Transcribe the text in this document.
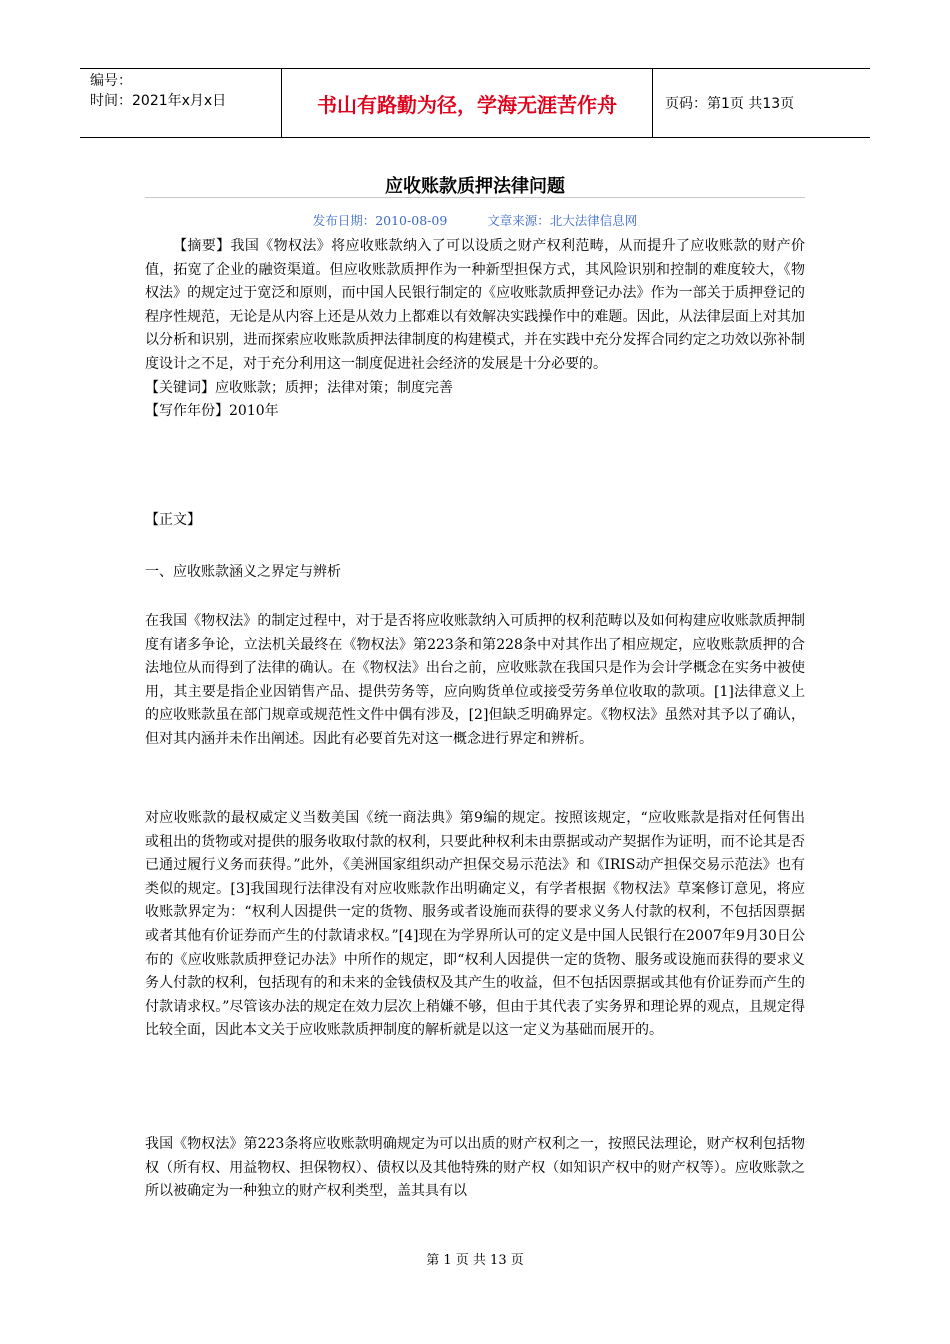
编号：
时间：2021年x月x日	书山有路勤为径，学海无涯苦作舟	页码：第1页 共13页
应收账款质押法律问题
发布日期：2010-08-09	文章来源：北大法律信息网

【摘要】我国《物权法》将应收账款纳入了可以设质之财产权利范畴，从而提升了应收账款的财产价值，拓宽了企业的融资渠道。但应收账款质押作为一种新型担保方式，其风险识别和控制的难度较大，《物权法》的规定过于宽泛和原则，而中国人民银行制定的《应收账款质押登记办法》作为一部关于质押登记的程序性规范，无论是从内容上还是从效力上都难以有效解决实践操作中的难题。因此，从法律层面上对其加以分析和识别，进而探索应收账款质押法律制度的构建模式，并在实践中充分发挥合同约定之功效以弥补制度设计之不足，对于充分利用这一制度促进社会经济的发展是十分必要的。

【关键词】应收账款；质押；法律对策；制度完善

【写作年份】2010年

【正文】
一、应收账款涵义之界定与辨析
在我国《物权法》的制定过程中，对于是否将应收账款纳入可质押的权利范畴以及如何构建应收账款质押制度有诸多争论，立法机关最终在《物权法》第223条和第228条中对其作出了相应规定，应收账款质押的合法地位从而得到了法律的确认。在《物权法》出台之前，应收账款在我国只是作为会计学概念在实务中被使用，其主要是指企业因销售产品、提供劳务等，应向购货单位或接受劳务单位收取的款项。[1]法律意义上的应收账款虽在部门规章或规范性文件中偶有涉及，[2]但缺乏明确界定。《物权法》虽然对其予以了确认，但对其内涵并未作出阐述。因此有必要首先对这一概念进行界定和辨析。
对应收账款的最权威定义当数美国《统一商法典》第9编的规定。按照该规定，“应收账款是指对任何售出或租出的货物或对提供的服务收取付款的权利，只要此种权利未由票据或动产契据作为证明，而不论其是否已通过履行义务而获得。”此外，《美洲国家组织动产担保交易示范法》和《IRIS动产担保交易示范法》也有类似的规定。[3]我国现行法律没有对应收账款作出明确定义，有学者根据《物权法》草案修订意见，将应收账款界定为：“权利人因提供一定的货物、服务或者设施而获得的要求义务人付款的权利，不包括因票据或者其他有价证券而产生的付款请求权。”[4]现在为学界所认可的定义是中国人民银行在2007年9月30日公布的《应收账款质押登记办法》中所作的规定，即“权利人因提供一定的货物、服务或设施而获得的要求义务人付款的权利，包括现有的和未来的金钱债权及其产生的收益，但不包括因票据或其他有价证券而产生的付款请求权。”尽管该办法的规定在效力层次上稍嫌不够，但由于其代表了实务界和理论界的观点，且规定得比较全面，因此本文关于应收账款质押制度的解析就是以这一定义为基础而展开的。
我国《物权法》第223条将应收账款明确规定为可以出质的财产权利之一，按照民法理论，财产权利包括物权（所有权、用益物权、担保物权）、债权以及其他特殊的财产权（如知识产权中的财产权等）。应收账款之所以被确定为一种独立的财产权利类型，盖其具有以
第 1 页 共 13 页
